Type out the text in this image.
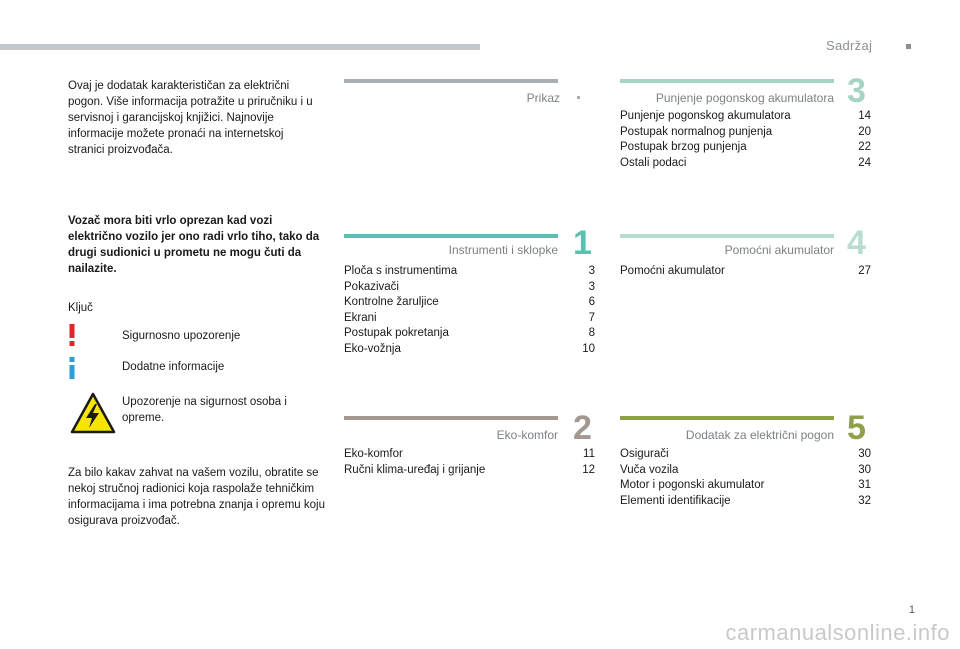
Sadržaj
Ovaj je dodatak karakterističan za električni pogon. Više informacija potražite u priručniku i u servisnoj i garancijskoj knjižici. Najnovije informacije možete pronaći na internetskoj stranici proizvođača.
Vozač mora biti vrlo oprezan kad vozi električno vozilo jer ono radi vrlo tiho, tako da drugi sudionici u prometu ne mogu čuti da nailazite.
Ključ
Sigurnosno upozorenje
Dodatne informacije
Upozorenje na sigurnost osoba i opreme.
Za bilo kakav zahvat na vašem vozilu, obratite se nekoj stručnoj radionici koja raspolaže tehničkim informacijama i ima potrebna znanja i opremu koju osigurava proizvođač.
Prikaz
Instrumenti i sklopke 1
Ploča s instrumentima	3
Pokazivači	3
Kontrolne žaruljice	6
Ekrani	7
Postupak pokretanja	8
Eko-vožnja	10
Eko-komfor 2
Eko-komfor	11
Ručni klima-uređaj i grijanje	12
Punjenje pogonskog akumulatora 3
Punjenje pogonskog akumulatora	14
Postupak normalnog punjenja	20
Postupak brzog punjenja	22
Ostali podaci	24
Pomoćni akumulator 4
Pomoćni akumulator	27
Dodatak za električni pogon 5
Osigurači	30
Vuča vozila	30
Motor i pogonski akumulator	31
Elementi identifikacije	32
1
carmanualsonline.info
